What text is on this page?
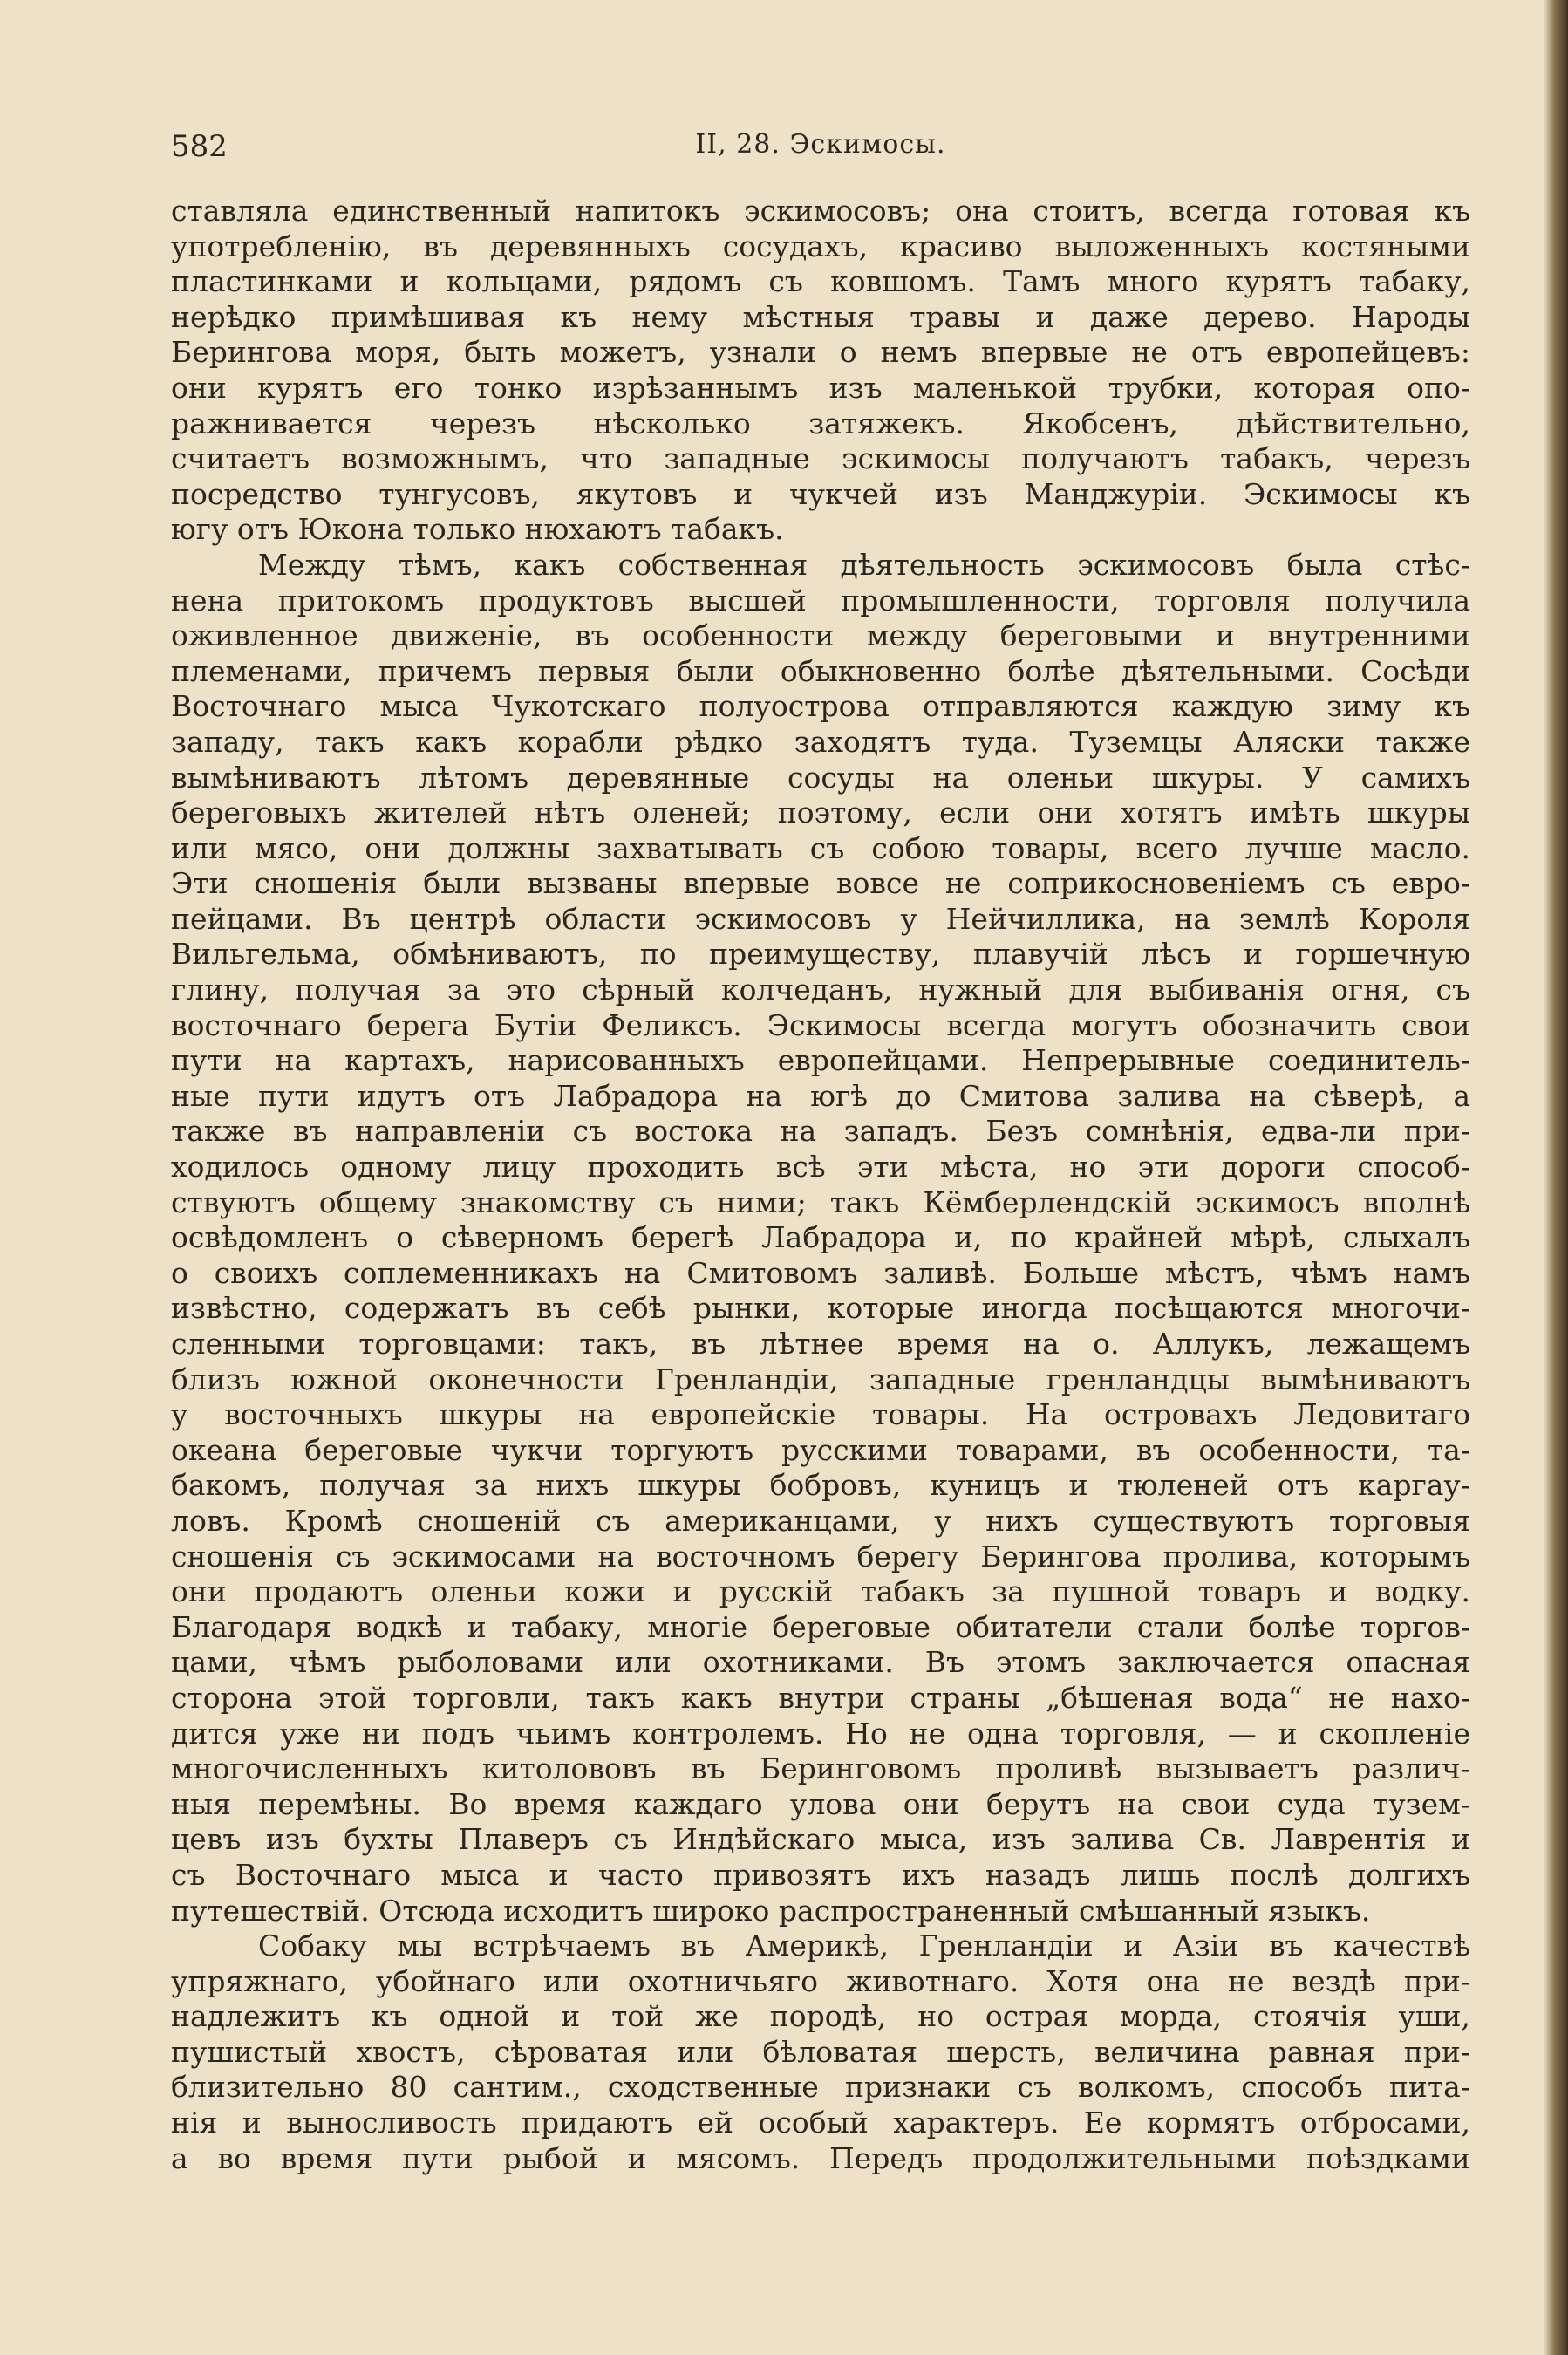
582	II, 28. Эскимосы.
ставляла единственный напитокъ эскимосовъ; она стоитъ, всегда готовая къ
употребленію, въ деревянныхъ сосудахъ, красиво выложенныхъ костяными
пластинками и кольцами, рядомъ съ ковшомъ. Тамъ много курятъ табаку,
нерѣдко примѣшивая къ нему мѣстныя травы и даже дерево. Народы
Берингова моря, быть можетъ, узнали о немъ впервые не отъ европейцевъ:
они курятъ его тонко изрѣзаннымъ изъ маленькой трубки, которая опо-
ражнивается черезъ нѣсколько затяжекъ. Якобсенъ, дѣйствительно,
считаетъ возможнымъ, что западные эскимосы получаютъ табакъ, черезъ
посредство тунгусовъ, якутовъ и чукчей изъ Манджуріи. Эскимосы къ
югу отъ Юкона только нюхаютъ табакъ.
Между тѣмъ, какъ собственная дѣятельность эскимосовъ была стѣс-
нена притокомъ продуктовъ высшей промышленности, торговля получила
оживленное движеніе, въ особенности между береговыми и внутренними
племенами, причемъ первыя были обыкновенно болѣе дѣятельными. Сосѣди
Восточнаго мыса Чукотскаго полуострова отправляются каждую зиму къ
западу, такъ какъ корабли рѣдко заходятъ туда. Туземцы Аляски также
вымѣниваютъ лѣтомъ деревянные сосуды на оленьи шкуры. У самихъ
береговыхъ жителей нѣтъ оленей; поэтому, если они хотятъ имѣть шкуры
или мясо, они должны захватывать съ собою товары, всего лучше масло.
Эти сношенія были вызваны впервые вовсе не соприкосновеніемъ съ евро-
пейцами. Въ центрѣ области эскимосовъ у Нейчиллика, на землѣ Короля
Вильгельма, обмѣниваютъ, по преимуществу, плавучій лѣсъ и горшечную
глину, получая за это сѣрный колчеданъ, нужный для выбиванія огня, съ
восточнаго берега Бутіи Феликсъ. Эскимосы всегда могутъ обозначить свои
пути на картахъ, нарисованныхъ европейцами. Непрерывные соединитель-
ные пути идутъ отъ Лабрадора на югѣ до Смитова залива на сѣверѣ, а
также въ направленіи съ востока на западъ. Безъ сомнѣнія, едва-ли при-
ходилось одному лицу проходить всѣ эти мѣста, но эти дороги способ-
ствуютъ общему знакомству съ ними; такъ Кёмберлендскій эскимосъ вполнѣ
освѣдомленъ о сѣверномъ берегѣ Лабрадора и, по крайней мѣрѣ, слыхалъ
о своихъ соплеменникахъ на Смитовомъ заливѣ. Больше мѣстъ, чѣмъ намъ
извѣстно, содержатъ въ себѣ рынки, которые иногда посѣщаются многочи-
сленными торговцами: такъ, въ лѣтнее время на о. Аллукъ, лежащемъ
близъ южной оконечности Гренландіи, западные гренландцы вымѣниваютъ
у восточныхъ шкуры на европейскіе товары. На островахъ Ледовитаго
океана береговые чукчи торгуютъ русскими товарами, въ особенности, та-
бакомъ, получая за нихъ шкуры бобровъ, куницъ и тюленей отъ каргау-
ловъ. Кромѣ сношеній съ американцами, у нихъ существуютъ торговыя
сношенія съ эскимосами на восточномъ берегу Берингова пролива, которымъ
они продаютъ оленьи кожи и русскій табакъ за пушной товаръ и водку.
Благодаря водкѣ и табаку, многіе береговые обитатели стали болѣе торгов-
цами, чѣмъ рыболовами или охотниками. Въ этомъ заключается опасная
сторона этой торговли, такъ какъ внутри страны „бѣшеная вода“ не нахо-
дится уже ни подъ чьимъ контролемъ. Но не одна торговля, — и скопленіе
многочисленныхъ китолововъ въ Беринговомъ проливѣ вызываетъ различ-
ныя перемѣны. Во время каждаго улова они берутъ на свои суда тузем-
цевъ изъ бухты Плаверъ съ Индѣйскаго мыса, изъ залива Св. Лаврентія и
съ Восточнаго мыса и часто привозятъ ихъ назадъ лишь послѣ долгихъ
путешествій. Отсюда исходитъ широко распространенный смѣшанный языкъ.
Собаку мы встрѣчаемъ въ Америкѣ, Гренландіи и Азіи въ качествѣ
упряжнаго, убойнаго или охотничьяго животнаго. Хотя она не вездѣ при-
надлежитъ къ одной и той же породѣ, но острая морда, стоячія уши,
пушистый хвостъ, сѣроватая или бѣловатая шерсть, величина равная при-
близительно 80 сантим., сходственные признаки съ волкомъ, способъ пита-
нія и выносливость придаютъ ей особый характеръ. Ее кормятъ отбросами,
а во время пути рыбой и мясомъ. Передъ продолжительными поѣздками
